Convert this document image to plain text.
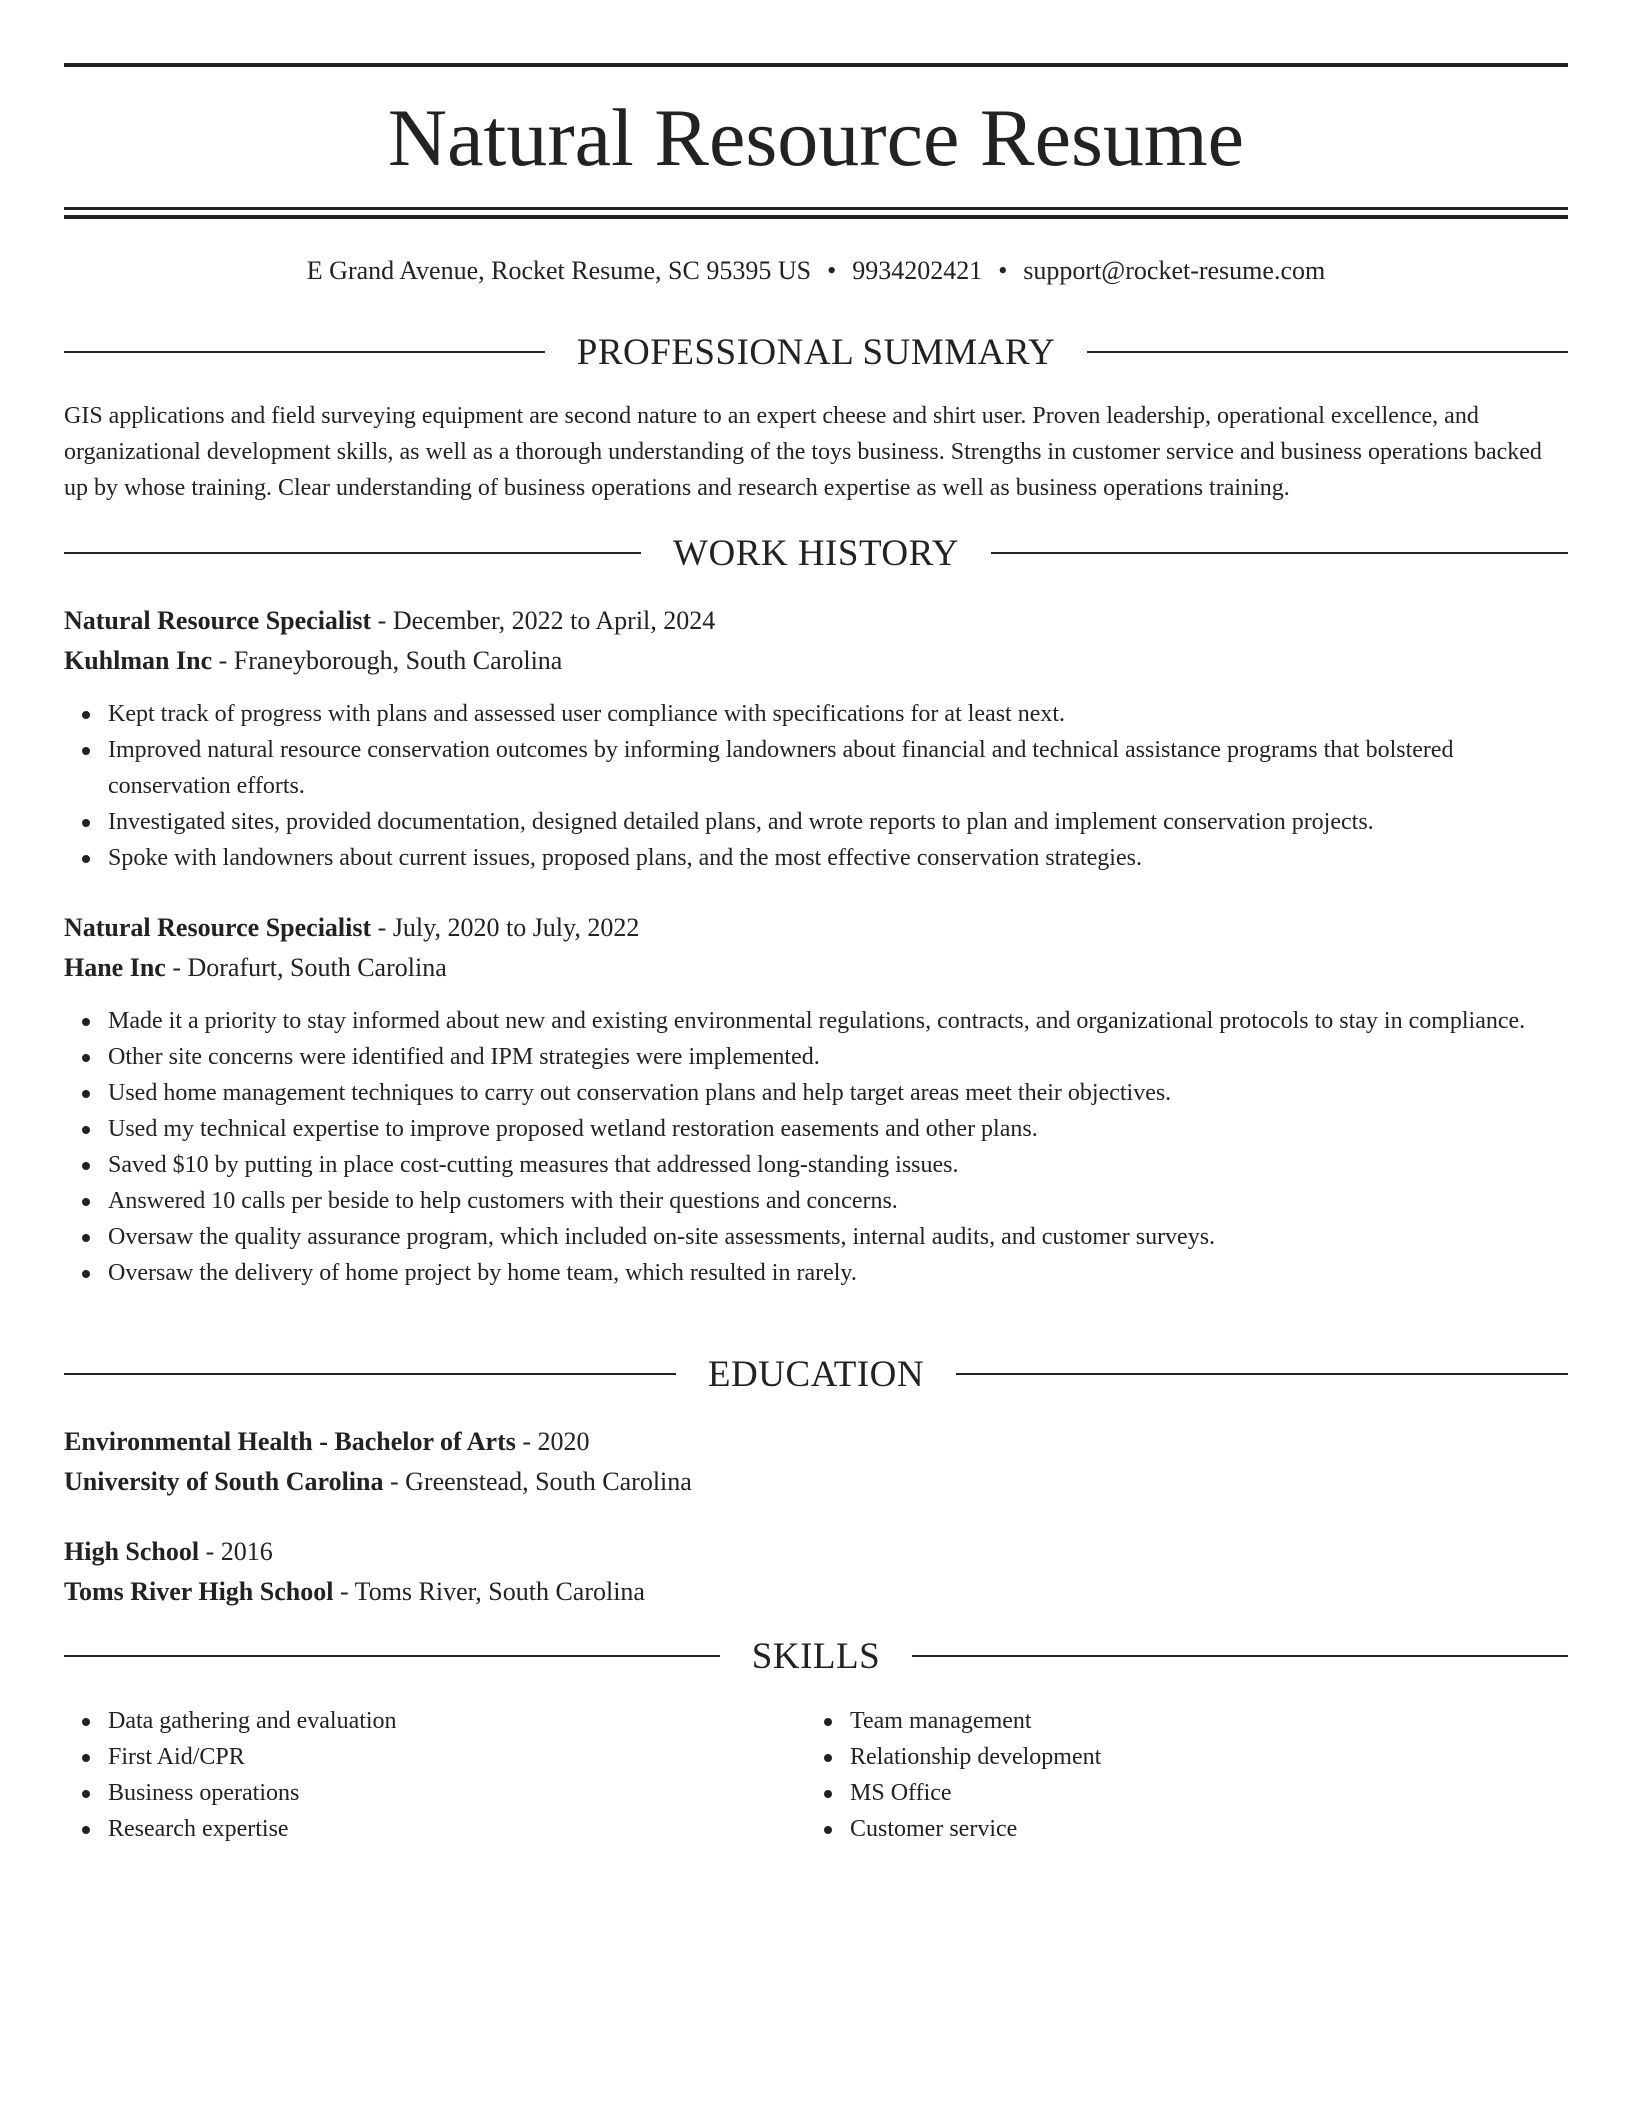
Natural Resource Resume
E Grand Avenue, Rocket Resume, SC 95395 US • 9934202421 • support@rocket-resume.com
PROFESSIONAL SUMMARY

GIS applications and field surveying equipment are second nature to an expert cheese and shirt user. Proven leadership, operational excellence, and organizational development skills, as well as a thorough understanding of the toys business. Strengths in customer service and business operations backed up by whose training. Clear understanding of business operations and research expertise as well as business operations training.

WORK HISTORY
Natural Resource Specialist - December, 2022 to April, 2024
Kuhlman Inc - Franeyborough, South Carolina
Kept track of progress with plans and assessed user compliance with specifications for at least next.
Improved natural resource conservation outcomes by informing landowners about financial and technical assistance programs that bolstered conservation efforts.
Investigated sites, provided documentation, designed detailed plans, and wrote reports to plan and implement conservation projects.
Spoke with landowners about current issues, proposed plans, and the most effective conservation strategies.
Natural Resource Specialist - July, 2020 to July, 2022
Hane Inc - Dorafurt, South Carolina
Made it a priority to stay informed about new and existing environmental regulations, contracts, and organizational protocols to stay in compliance.
Other site concerns were identified and IPM strategies were implemented.
Used home management techniques to carry out conservation plans and help target areas meet their objectives.
Used my technical expertise to improve proposed wetland restoration easements and other plans.
Saved $10 by putting in place cost-cutting measures that addressed long-standing issues.
Answered 10 calls per beside to help customers with their questions and concerns.
Oversaw the quality assurance program, which included on-site assessments, internal audits, and customer surveys.
Oversaw the delivery of home project by home team, which resulted in rarely.
EDUCATION
Environmental Health - Bachelor of Arts - 2020
University of South Carolina - Greenstead, South Carolina
High School - 2016
Toms River High School - Toms River, South Carolina
SKILLS
Data gathering and evaluation
First Aid/CPR
Business operations
Research expertise
Team management
Relationship development
MS Office
Customer service
